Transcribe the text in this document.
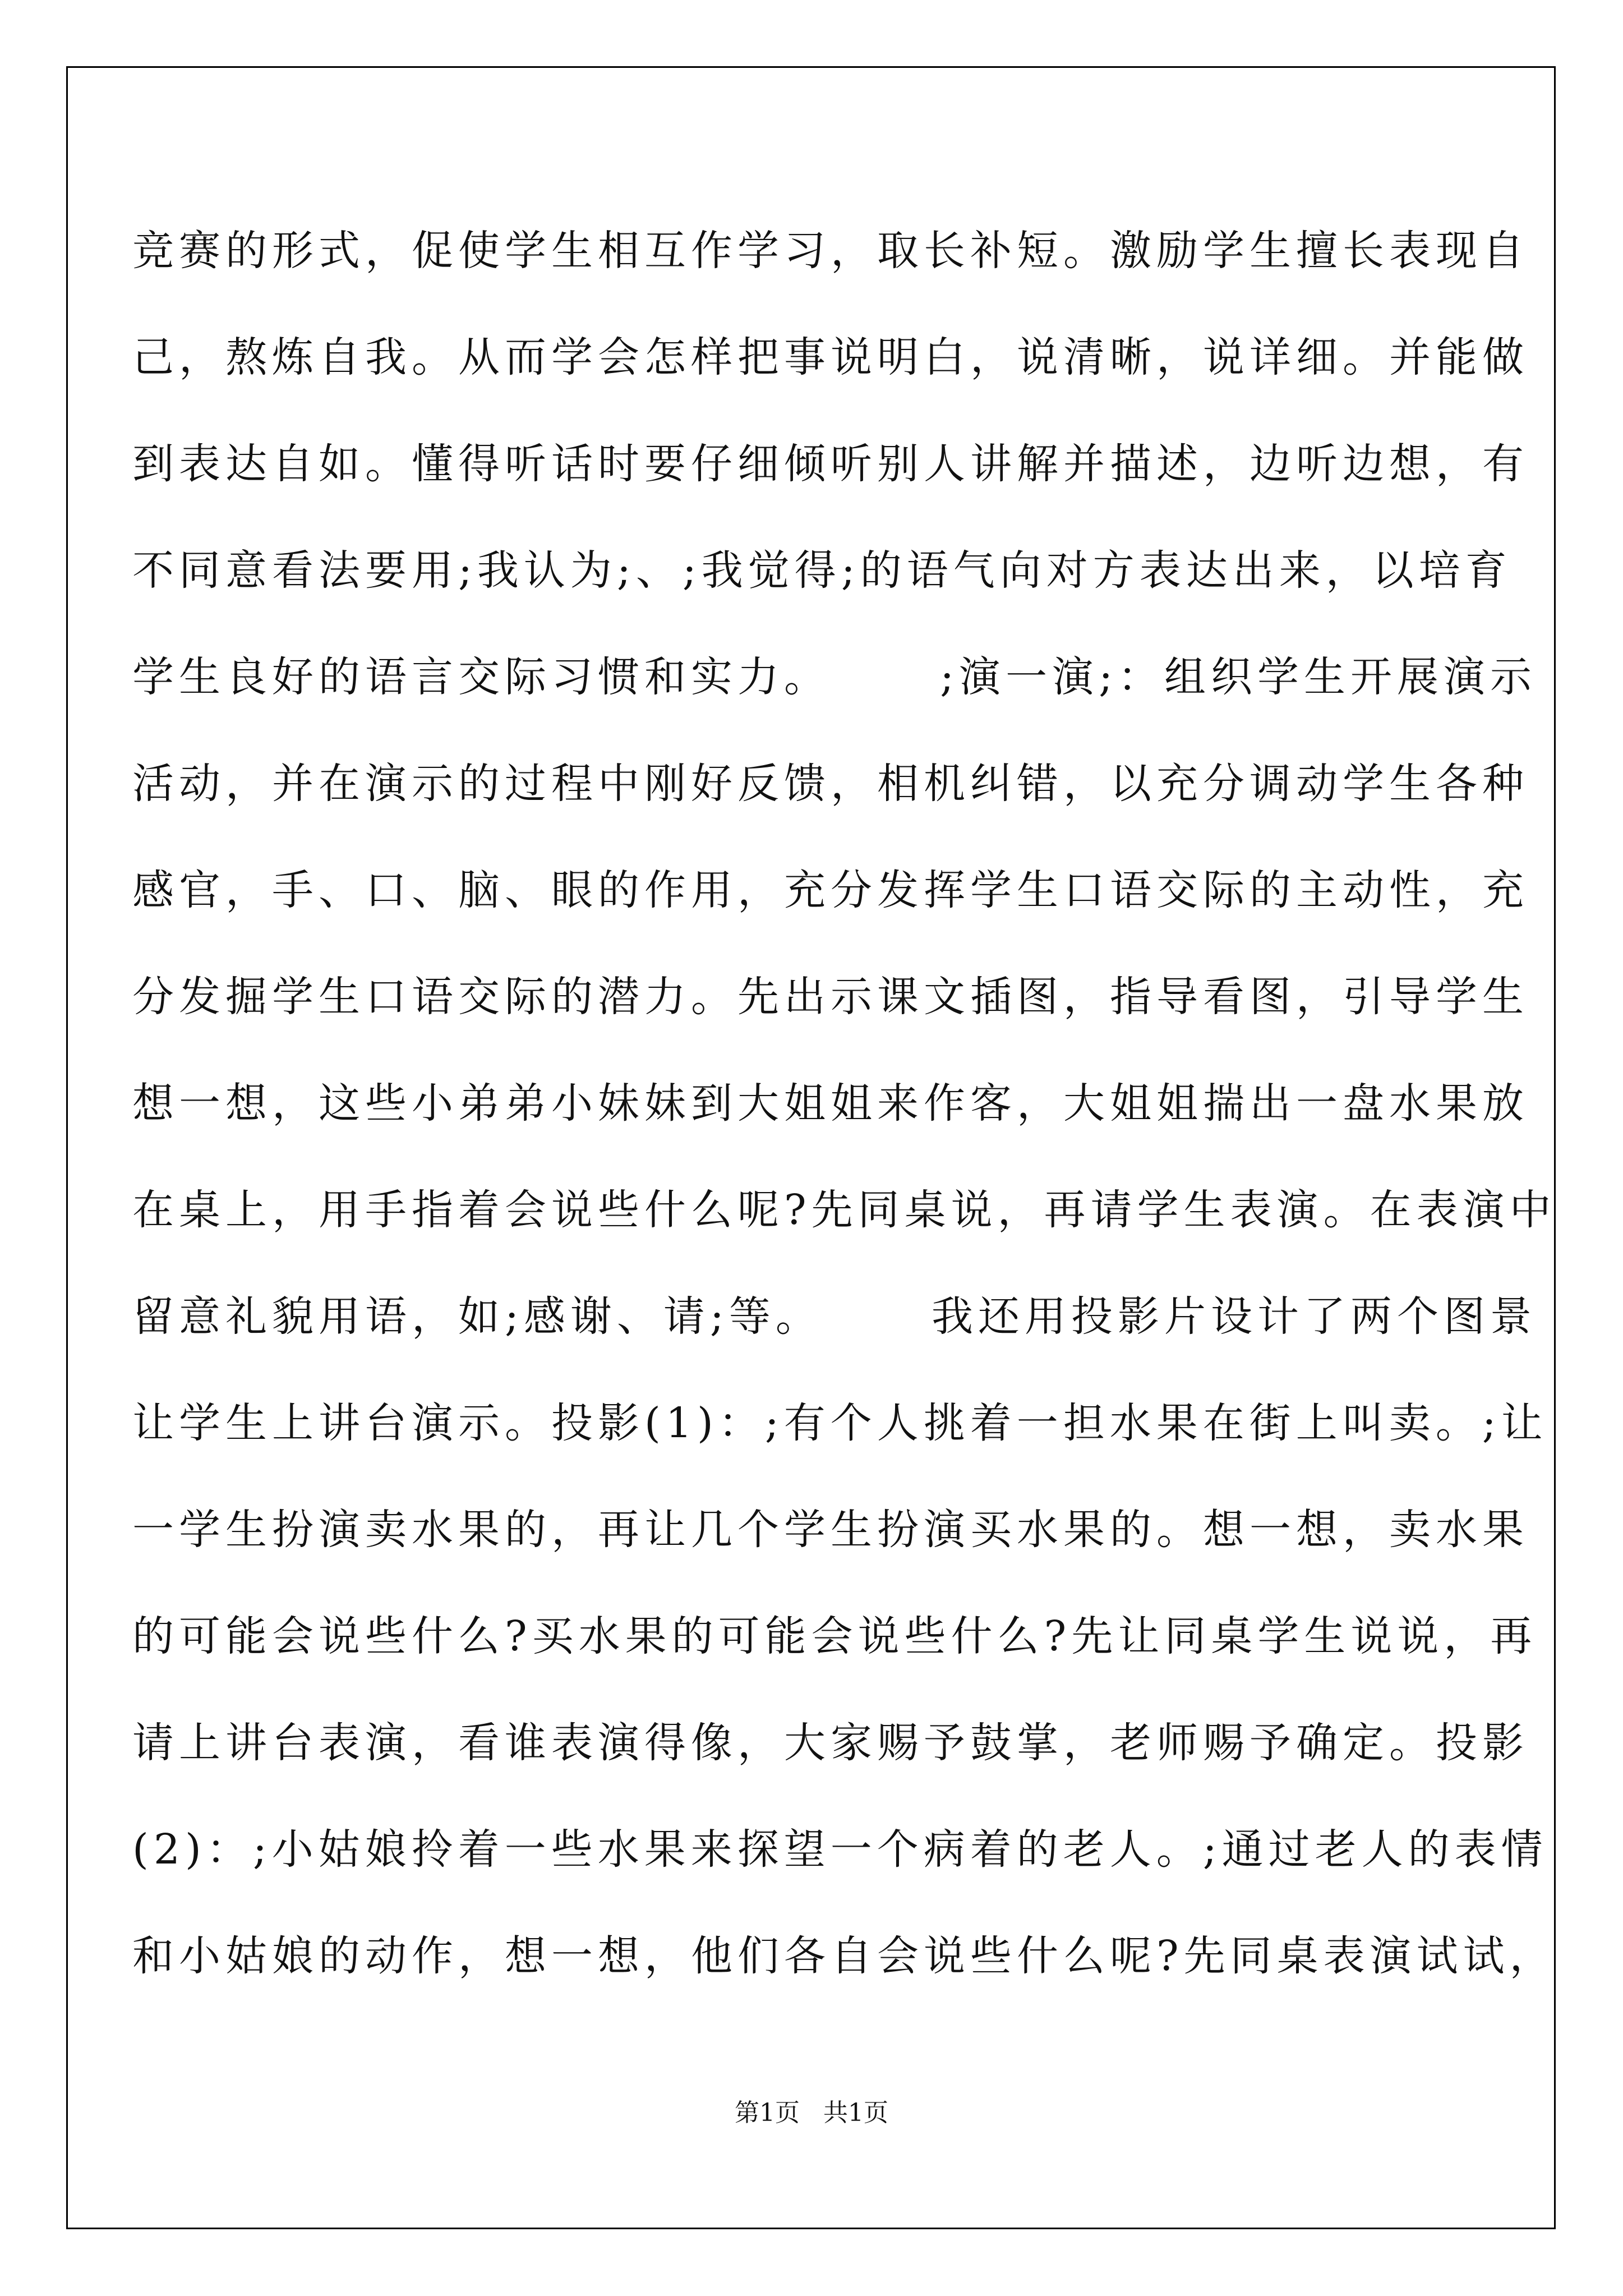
竞赛的形式，促使学生相互作学习，取长补短。激励学生擅长表现自
己，熬炼自我。从而学会怎样把事说明白，说清晰，说详细。并能做
到表达自如。懂得听话时要仔细倾听别人讲解并描述，边听边想，有
不同意看法要用;我认为;、;我觉得;的语气向对方表达出来，以培育
学生良好的语言交际习惯和实力。      ;演一演;：组织学生开展演示
活动，并在演示的过程中刚好反馈，相机纠错，以充分调动学生各种
感官，手、口、脑、眼的作用，充分发挥学生口语交际的主动性，充
分发掘学生口语交际的潜力。先出示课文插图，指导看图，引导学生
想一想，这些小弟弟小妹妹到大姐姐来作客，大姐姐揣出一盘水果放
在桌上，用手指着会说些什么呢?先同桌说，再请学生表演。在表演中
留意礼貌用语，如;感谢、请;等。      我还用投影片设计了两个图景
让学生上讲台演示。投影(1)：;有个人挑着一担水果在街上叫卖。;让
一学生扮演卖水果的，再让几个学生扮演买水果的。想一想，卖水果
的可能会说些什么?买水果的可能会说些什么?先让同桌学生说说，再
请上讲台表演，看谁表演得像，大家赐予鼓掌，老师赐予确定。投影
(2)：;小姑娘拎着一些水果来探望一个病着的老人。;通过老人的表情
和小姑娘的动作，想一想，他们各自会说些什么呢?先同桌表演试试，
第1页   共1页
